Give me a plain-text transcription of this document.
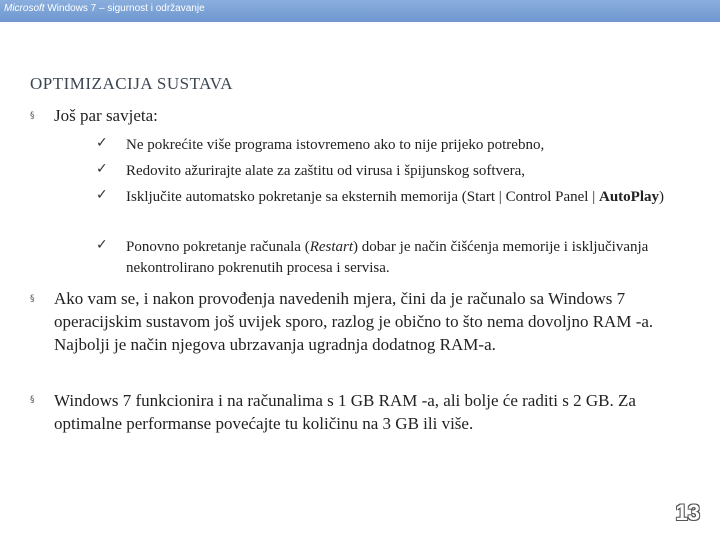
Microsoft Windows 7 – sigurnost i održavanje
OPTIMIZACIJA SUSTAVA
§ Još par savjeta:
✓ Ne pokrećite više programa istovremeno ako to nije prijeko potrebno,
✓ Redovito ažurirajte alate za zaštitu od virusa i špijunskog softvera,
✓ Isključite automatsko pokretanje sa eksternih memorija (Start | Control Panel | AutoPlay)
✓ Ponovno pokretanje računala (Restart) dobar je način čišćenja memorije i isključivanja nekontrolirano pokrenutih procesa i servisa.
§ Ako vam se, i nakon provođenja navedenih mjera, čini da je računalo sa Windows 7 operacijskim sustavom još uvijek sporo, razlog je obično to što nema dovoljno RAM -a. Najbolji je način njegova ubrzavanja ugradnja dodatnog RAM-a.
§ Windows 7 funkcionira i na računalima s 1 GB RAM -a, ali bolje će raditi s 2 GB. Za optimalne performanse povećajte tu količinu na 3 GB ili više.
13
